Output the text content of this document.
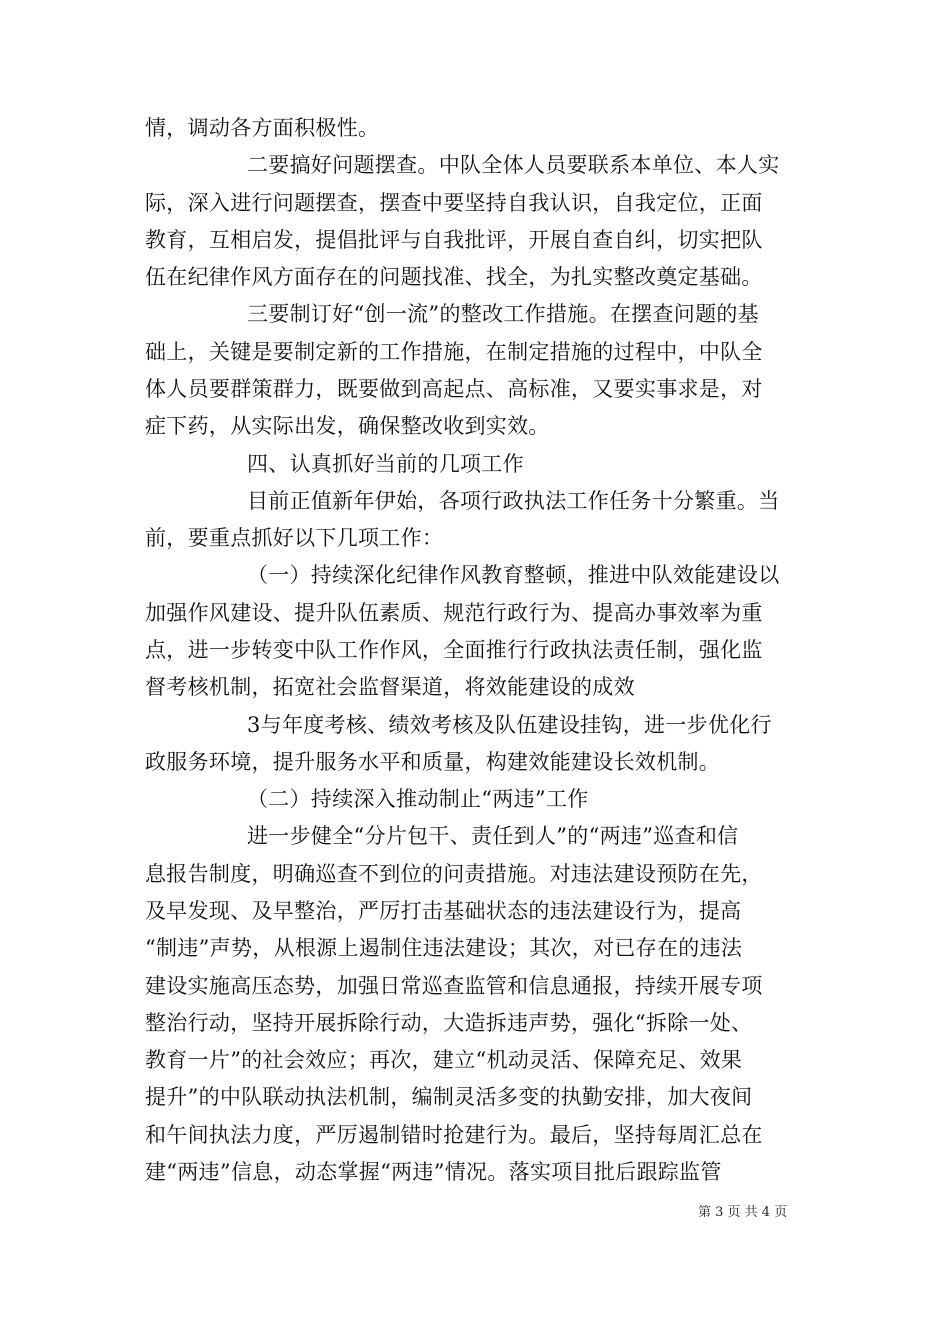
情，调动各方面积极性。
二要搞好问题摆查。中队全体人员要联系本单位、本人实
际，深入进行问题摆查，摆查中要坚持自我认识，自我定位，正面
教育，互相启发，提倡批评与自我批评，开展自查自纠，切实把队
伍在纪律作风方面存在的问题找准、找全，为扎实整改奠定基础。
三要制订好“创一流”的整改工作措施。在摆查问题的基
础上，关键是要制定新的工作措施，在制定措施的过程中，中队全
体人员要群策群力，既要做到高起点、高标准，又要实事求是，对
症下药，从实际出发，确保整改收到实效。
四、认真抓好当前的几项工作
目前正值新年伊始，各项行政执法工作任务十分繁重。当
前，要重点抓好以下几项工作：
（一）持续深化纪律作风教育整顿，推进中队效能建设以
加强作风建设、提升队伍素质、规范行政行为、提高办事效率为重
点，进一步转变中队工作作风，全面推行行政执法责任制，强化监
督考核机制，拓宽社会监督渠道，将效能建设的成效
3与年度考核、绩效考核及队伍建设挂钩，进一步优化行
政服务环境，提升服务水平和质量，构建效能建设长效机制。
（二）持续深入推动制止“两违”工作
进一步健全“分片包干、责任到人”的“两违”巡查和信
息报告制度，明确巡查不到位的问责措施。对违法建设预防在先，
及早发现、及早整治，严厉打击基础状态的违法建设行为，提高
“制违”声势，从根源上遏制住违法建设；其次，对已存在的违法
建设实施高压态势，加强日常巡查监管和信息通报，持续开展专项
整治行动，坚持开展拆除行动，大造拆违声势，强化“拆除一处、
教育一片”的社会效应；再次，建立“机动灵活、保障充足、效果
提升”的中队联动执法机制，编制灵活多变的执勤安排，加大夜间
和午间执法力度，严厉遏制错时抢建行为。最后，坚持每周汇总在
建“两违”信息，动态掌握“两违”情况。落实项目批后跟踪监管
第 3 页 共 4 页
